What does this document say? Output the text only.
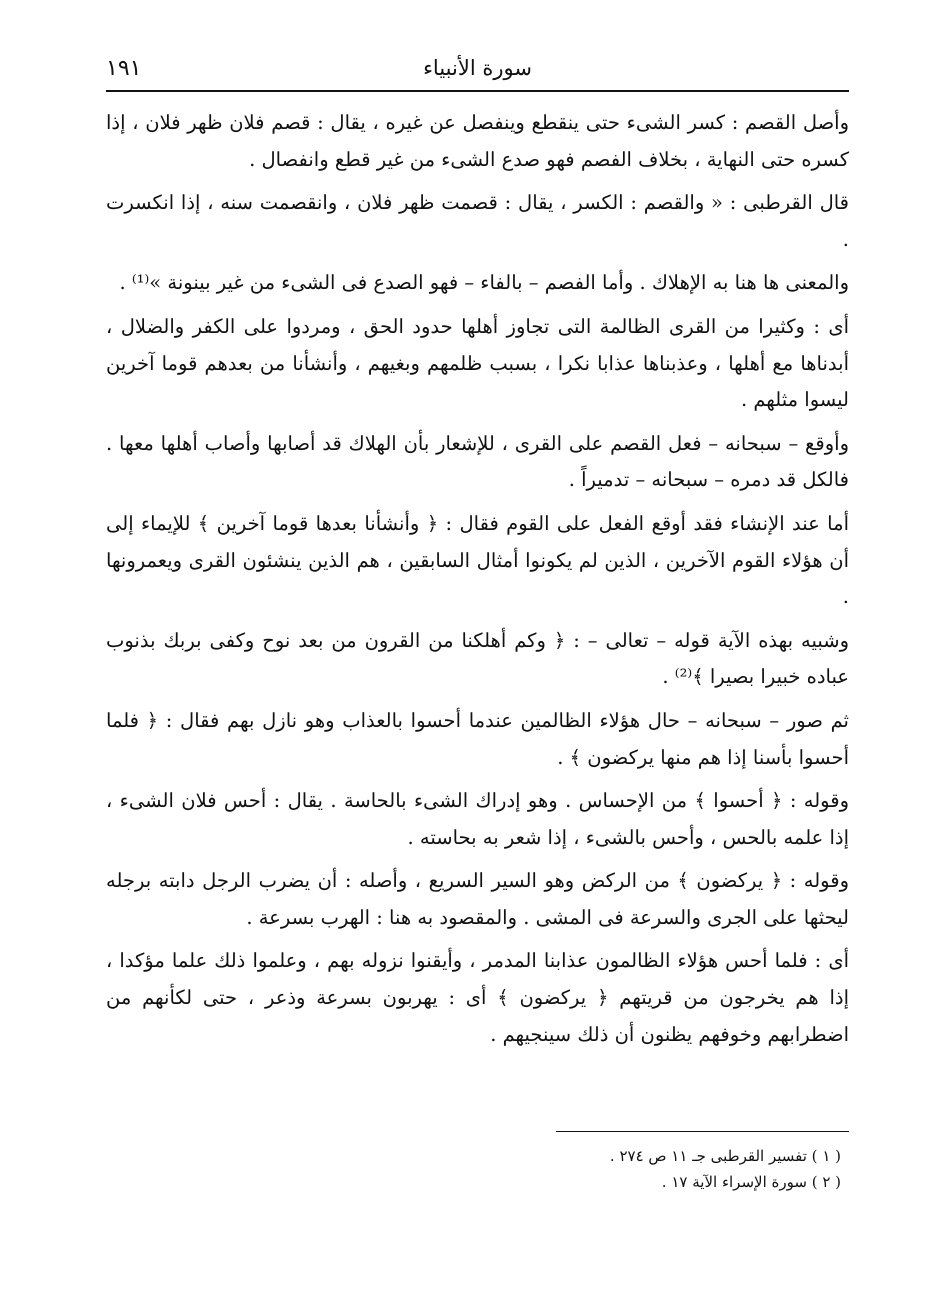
١٩١	سورة الأنبياء

وأصل القصم : كسر الشىء حتى ينقطع وينفصل عن غيره ، يقال : قصم فلان ظهر فلان ، إذا كسره حتى النهاية ، بخلاف الفصم فهو صدع الشىء من غير قطع وانفصال .

قال القرطبى : « والقصم : الكسر ، يقال : قصمت ظهر فلان ، وانقصمت سنه ، إذا انكسرت .

والمعنى ها هنا به الإهلاك . وأما الفصم – بالفاء – فهو الصدع فى الشىء من غير بينونة »⁽¹⁾ .

أى : وكثيرا من القرى الظالمة التى تجاوز أهلها حدود الحق ، ومردوا على الكفر والضلال ، أبدناها مع أهلها ، وعذبناها عذابا نكرا ، بسبب ظلمهم وبغيهم ، وأنشأنا من بعدهم قوما آخرين ليسوا مثلهم .

وأوقع – سبحانه – فعل القصم على القرى ، للإشعار بأن الهلاك قد أصابها وأصاب أهلها معها . فالكل قد دمره – سبحانه – تدميراً .

أما عند الإنشاء فقد أوقع الفعل على القوم فقال : ﴿ وأنشأنا بعدها قوما آخرين ﴾ للإيماء إلى أن هؤلاء القوم الآخرين ، الذين لم يكونوا أمثال السابقين ، هم الذين ينشئون القرى ويعمرونها .

وشبيه بهذه الآية قوله – تعالى – : ﴿ وكم أهلكنا من القرون من بعد نوح وكفى بربك بذنوب عباده خبيرا بصيرا ﴾⁽²⁾ .

ثم صور – سبحانه – حال هؤلاء الظالمين عندما أحسوا بالعذاب وهو نازل بهم فقال : ﴿ فلما أحسوا بأسنا إذا هم منها يركضون ﴾ .

وقوله : ﴿ أحسوا ﴾ من الإحساس . وهو إدراك الشىء بالحاسة . يقال : أحس فلان الشىء ، إذا علمه بالحس ، وأحس بالشىء ، إذا شعر به بحاسته .

وقوله : ﴿ يركضون ﴾ من الركض وهو السير السريع ، وأصله : أن يضرب الرجل دابته برجله ليحثها على الجرى والسرعة فى المشى . والمقصود به هنا : الهرب بسرعة .

أى : فلما أحس هؤلاء الظالمون عذابنا المدمر ، وأيقنوا نزوله بهم ، وعلموا ذلك علما مؤكدا ، إذا هم يخرجون من قريتهم ﴿ يركضون ﴾ أى : يهربون بسرعة وذعر ، حتى لكأنهم من اضطرابهم وخوفهم يظنون أن ذلك سينجيهم .

( ١ ) تفسير القرطبى جـ ١١ ص ٢٧٤ .

( ٢ ) سورة الإسراء الآية ١٧ .
